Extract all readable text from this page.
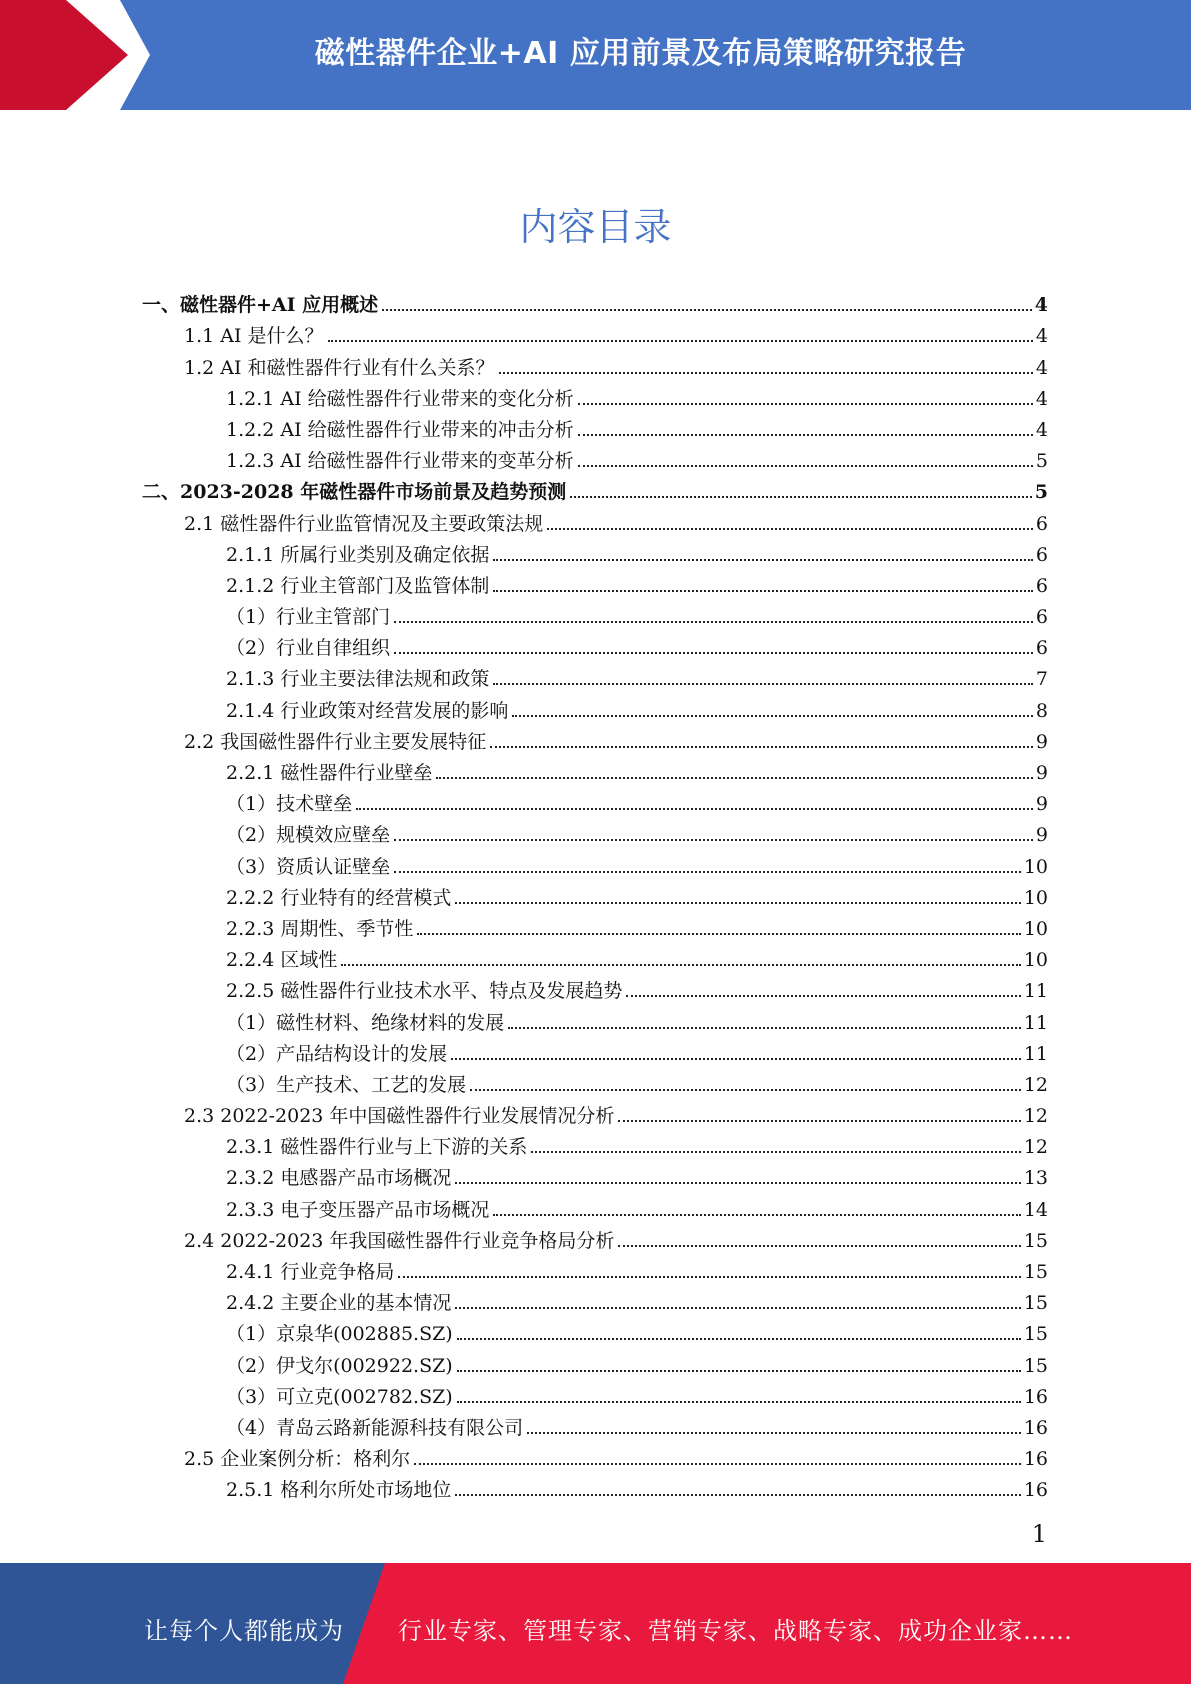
磁性器件企业+AI 应用前景及布局策略研究报告
内容目录
一、磁性器件+AI 应用概述	4
1.1 AI 是什么？	4
1.2 AI 和磁性器件行业有什么关系？	4
1.2.1 AI 给磁性器件行业带来的变化分析	4
1.2.2 AI 给磁性器件行业带来的冲击分析	4
1.2.3 AI 给磁性器件行业带来的变革分析	5
二、2023-2028 年磁性器件市场前景及趋势预测	5
2.1 磁性器件行业监管情况及主要政策法规	6
2.1.1 所属行业类别及确定依据	6
2.1.2 行业主管部门及监管体制	6
（1）行业主管部门	6
（2）行业自律组织	6
2.1.3 行业主要法律法规和政策	7
2.1.4 行业政策对经营发展的影响	8
2.2 我国磁性器件行业主要发展特征	9
2.2.1 磁性器件行业壁垒	9
（1）技术壁垒	9
（2）规模效应壁垒	9
（3）资质认证壁垒	10
2.2.2 行业特有的经营模式	10
2.2.3 周期性、季节性	10
2.2.4 区域性	10
2.2.5 磁性器件行业技术水平、特点及发展趋势	11
（1）磁性材料、绝缘材料的发展	11
（2）产品结构设计的发展	11
（3）生产技术、工艺的发展	12
2.3 2022-2023 年中国磁性器件行业发展情况分析	12
2.3.1 磁性器件行业与上下游的关系	12
2.3.2 电感器产品市场概况	13
2.3.3 电子变压器产品市场概况	14
2.4 2022-2023 年我国磁性器件行业竞争格局分析	15
2.4.1 行业竞争格局	15
2.4.2 主要企业的基本情况	15
（1）京泉华(002885.SZ)	15
（2）伊戈尔(002922.SZ)	15
（3）可立克(002782.SZ)	16
（4）青岛云路新能源科技有限公司	16
2.5 企业案例分析：格利尔	16
2.5.1 格利尔所处市场地位	16
1
让每个人都能成为 行业专家、管理专家、营销专家、战略专家、成功企业家……
